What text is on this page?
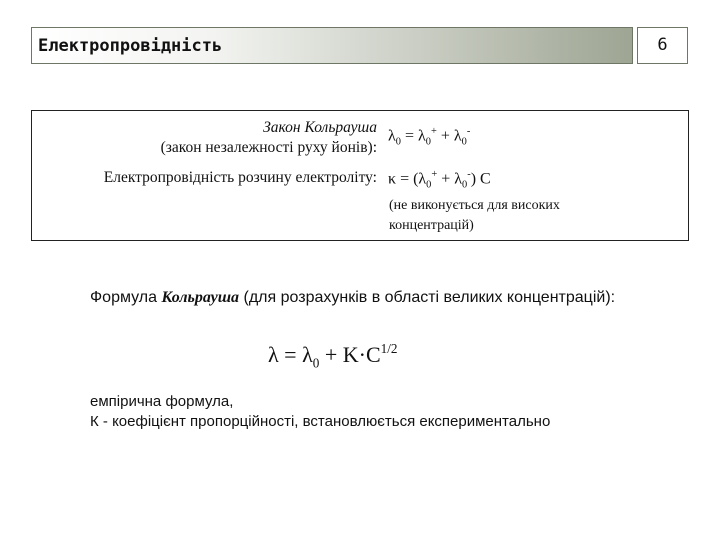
Електропровідність	6
Закон Кольрауша
(закон незалежності руху йонів):
Електропровідність розчину електроліту:
$\lambda_0 = \lambda_0^+ + \lambda_0^-$
$\kappa = (\lambda_0^+ + \lambda_0^-)$ C
(не виконується для високих
концентрацій)
Формула Кольрауша (для розрахунків в області великих концентрацій):
$\lambda = \lambda_0 + K\cdot C^{1/2}$
емпірична формула,
К - коефіцієнт пропорційності, встановлюється експериментально
